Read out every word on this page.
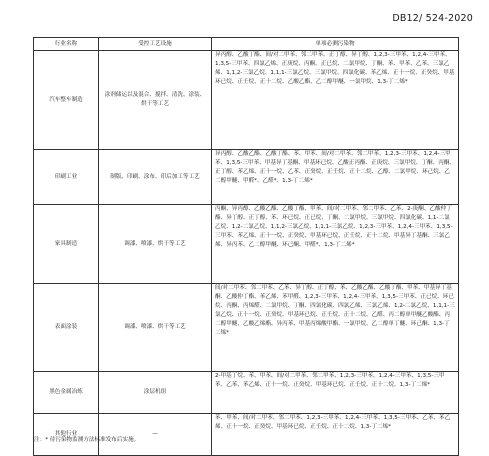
DB12/ 524-2020
行业名称	受控工艺设施	单项必测污染物
汽车整车制造	涂剂储运以及混合、搅拌、清洗、涂装、烘干等工艺	异丙醇、乙酸丁酯、间/对二甲苯、邻二甲苯、正丁醇、异丁醇、1,2,3-三甲苯、1,2,4-三甲苯、1,3,5-三甲苯、四氯乙烯、正庚烷、丙酮、正已烷、二氯甲烷、丁酮、苯、甲苯、乙苯、三氯乙烯、1,1,2-三氯乙烷、1,1,1-三氯乙烷、三氯甲烷、四氯化碳、苯乙烯、正十一烷、正癸烷、甲基环已烷、正壬烷、正十二烷、乙酸乙酯、乙二醇甲醚、一氯甲烷、1,3-丁二烯*
印刷工业	制版、印刷、涂布、印后加工等工艺	异丙醇、乙酸乙酯、乙酸丁酯、苯、甲苯、间/对二甲苯、邻二甲苯、1,2,3-三甲苯、1,2,4-三甲苯、1,3,5-三甲苯、甲基异丁基酮、甲基环已烷、乙酸正丙酯、正庚烷、三氯甲烷、丁酮、丙酮、正丁醇、苯乙烯、正十一烷、乙苯、正癸烷、正壬烷、正十二烷、乙醇、二氯甲烷、环己烷、乙二醇甲醚、甲醛*、乙醛*、1,3-丁二烯*
家具制造	调漆、喷漆、烘干等工艺	丙酮、异丙醇、乙酸乙酯、乙酸丁酯、甲苯、间/对二甲苯、邻二甲苯、乙苯、2-庚酮、乙酸仲丁酯、异丁醇、正丁醇、苯、环已烷、正已烷、丁酮、二氯甲烷、三氯甲烷、四氯化碳、1,1-二氯乙烷、1,2-二氯乙烷、1,1,2-三氯乙烷、1,1,1-三氯乙烷、1,2,3-三甲苯、1,2,4-三甲苯、1,3,5-三甲苯、苯乙烯、正十一烷、正癸烷、甲基环已烷、正壬烷、正十二烷、甲基异丁基酮、三氯乙烯、异丙苯、乙二醇甲醚、环己酮、甲醛*、1,3-丁二烯*
表面涂装	调漆、喷漆、烘干等工艺	间/对二甲苯、邻二甲苯、乙苯、异丁醇、正丁醇、苯、乙酸乙酯、乙酸丁酯、甲苯、甲基异丁基酮、乙酸仲丁酯、苯乙烯、苯甲醛、1,2,3-三甲苯、1,2,4-三甲苯、1,3,5-三甲苯、正已烷、环已烷、丙酮、丙烯醛、二氯甲烷、丁酮、四氯化碳、四氯乙烯、三氯乙烯、1,2-二氯乙烷、1,1,1-三氯乙烷、正十一烷、正癸烷、甲基环已烷、正壬烷、正十二烷、乙醛、丙二醇单甲醚乙酸酯、丙二醇甲醚、乙酸乙烯酯、异丙苯、甲基丙烯酸甲酯、一氯甲烷、乙二醇单丁醚、环己酮、1,3-丁二烯*
黑色金属冶炼	涂层机组	2-甲基丁烷、苯、甲苯、间/对二甲苯、邻二甲苯、1,2,3-三甲苯、1,2,4-三甲苯、1,3,5-三甲苯、乙苯、苯乙烯、正十一烷、正癸烷、甲基环已烷、正壬烷、正十二烷、1,3-丁二烯*
其他行业	—	苯、甲苯、间/对二甲苯、邻二甲苯、1,2,3-三甲苯、1,2,4-三甲苯、1,3,5-三甲苯、乙苯、苯乙烯、正十一烷、正癸烷、甲基环已烷、正壬烷、正十二烷、1,3-丁二烯*
注：* 待污染物监测方法标准发布后实施。
